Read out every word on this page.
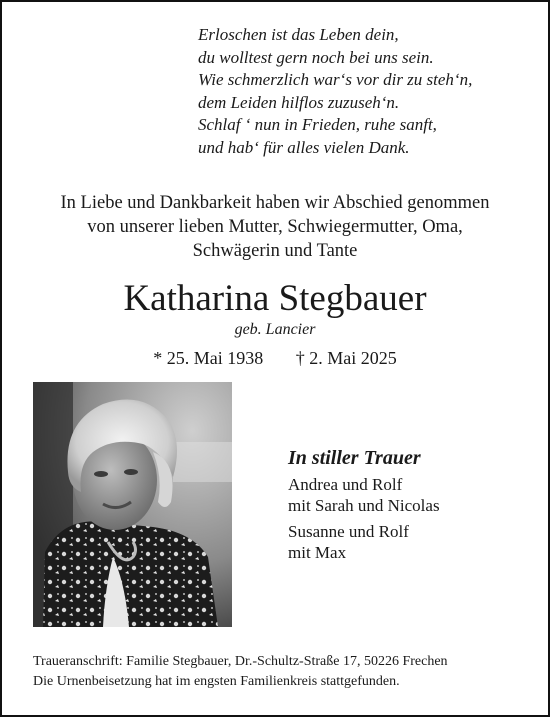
Erloschen ist das Leben dein,
du wolltest gern noch bei uns sein.
Wie schmerzlich war‘s vor dir zu steh‘n,
dem Leiden hilflos zuzuseh‘n.
Schlaf ‘ nun in Frieden, ruhe sanft,
und hab‘ für alles vielen Dank.
In Liebe und Dankbarkeit haben wir Abschied genommen
von unserer lieben Mutter, Schwiegermutter, Oma,
Schwägerin und Tante
Katharina Stegbauer
geb. Lancier
* 25. Mai 1938 † 2. Mai 2025
In stiller Trauer
Andrea und Rolf
mit Sarah und Nicolas
Susanne und Rolf
mit Max
Traueranschrift: Familie Stegbauer, Dr.-Schultz-Straße 17, 50226 Frechen
Die Urnenbeisetzung hat im engsten Familienkreis stattgefunden.
